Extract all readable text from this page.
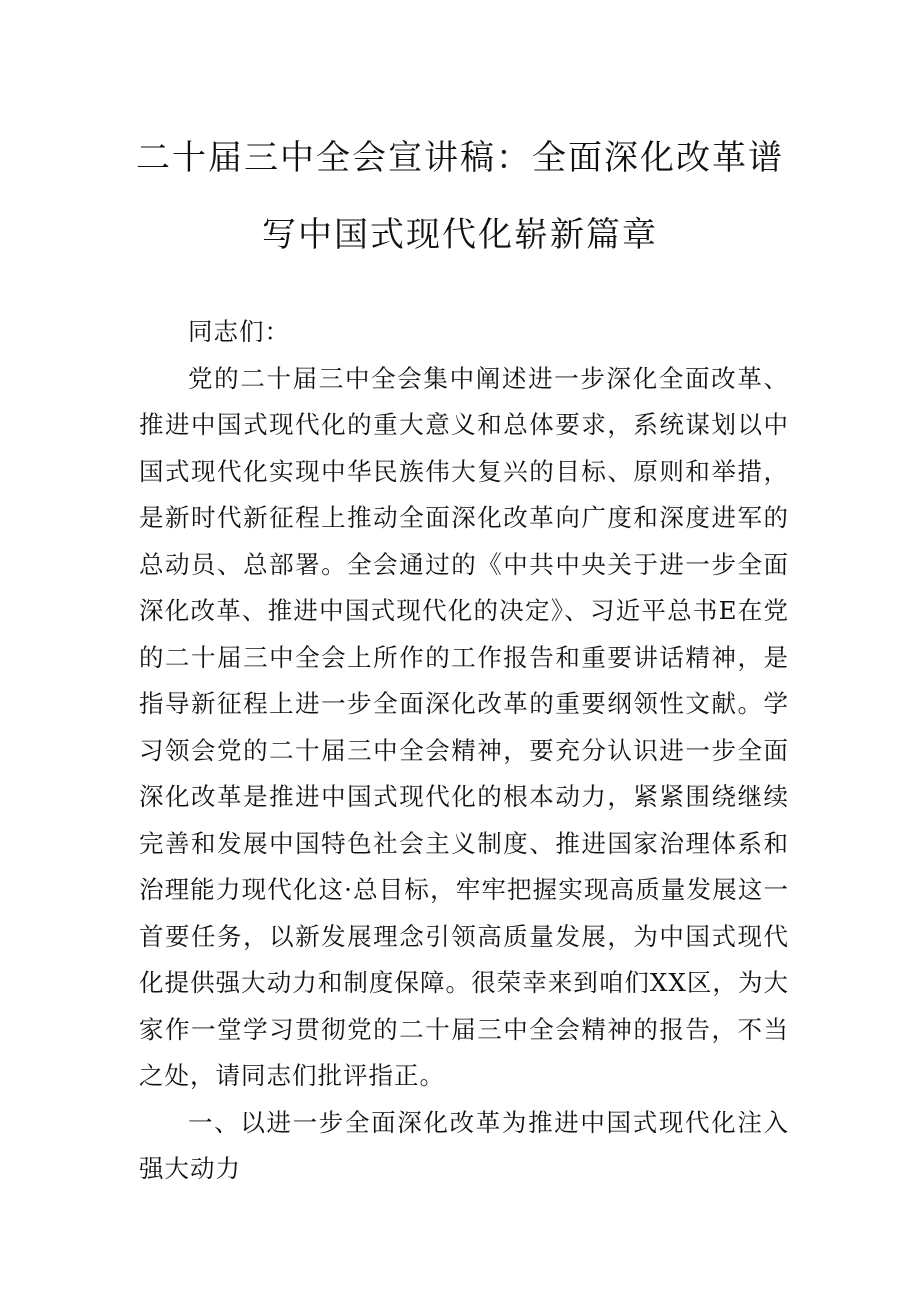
二十届三中全会宣讲稿：全面深化改革谱
写中国式现代化崭新篇章

同志们：

党的二十届三中全会集中阐述进一步深化全面改革、推进中国式现代化的重大意义和总体要求，系统谋划以中国式现代化实现中华民族伟大复兴的目标、原则和举措，是新时代新征程上推动全面深化改革向广度和深度进军的总动员、总部署。全会通过的《中共中央关于进一步全面深化改革、推进中国式现代化的决定》、习近平总书E在党的二十届三中全会上所作的工作报告和重要讲话精神，是指导新征程上进一步全面深化改革的重要纲领性文献。学习领会党的二十届三中全会精神，要充分认识进一步全面深化改革是推进中国式现代化的根本动力，紧紧围绕继续完善和发展中国特色社会主义制度、推进国家治理体系和治理能力现代化这·总目标，牢牢把握实现高质量发展这一首要任务，以新发展理念引领高质量发展，为中国式现代化提供强大动力和制度保障。很荣幸来到咱们XX区，为大家作一堂学习贯彻党的二十届三中全会精神的报告，不当之处，请同志们批评指正。

一、以进一步全面深化改革为推进中国式现代化注入强大动力
